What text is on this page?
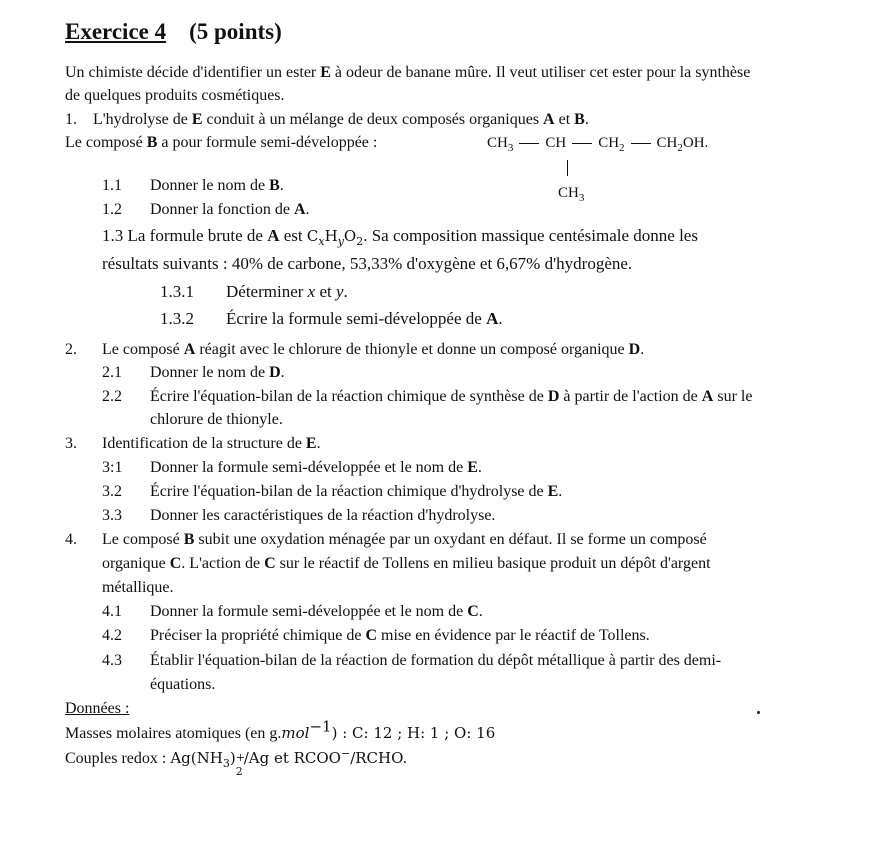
Exercice 4 (5 points)
Un chimiste décide d'identifier un ester E à odeur de banane mûre. Il veut utiliser cet ester pour la synthèse
de quelques produits cosmétiques.
1. L'hydrolyse de E conduit à un mélange de deux composés organiques A et B.
Le composé B a pour formule semi-développée :	$CH_3$ CH $CH_2$ $CH_2OH$.
$CH_3$
1.1 Donner le nom de B.
1.2 Donner la fonction de A.
1.3 La formule brute de A est $C_xH_yO_2$. Sa composition massique centésimale donne les
résultats suivants : 40% de carbone, 53,33% d'oxygène et 6,67% d'hydrogène.
1.3.1 Déterminer x et y.
1.3.2 Écrire la formule semi-développée de A.
2. Le composé A réagit avec le chlorure de thionyle et donne un composé organique D.
2.1 Donner le nom de D.
2.2 Écrire l'équation-bilan de la réaction chimique de synthèse de D à partir de l'action de A sur le
chlorure de thionyle.
3. Identification de la structure de E.
3:1 Donner la formule semi-développée et le nom de E.
3.2 Écrire l'équation-bilan de la réaction chimique d'hydrolyse de E.
3.3 Donner les caractéristiques de la réaction d'hydrolyse.
4. Le composé B subit une oxydation ménagée par un oxydant en défaut. Il se forme un composé
organique C. L'action de C sur le réactif de Tollens en milieu basique produit un dépôt d'argent
métallique.
4.1 Donner la formule semi-développée et le nom de C.
4.2 Préciser la propriété chimique de C mise en évidence par le réactif de Tollens.
4.3 Établir l'équation-bilan de la réaction de formation du dépôt métallique à partir des demi-
équations.
Données :
Masses molaires atomiques (en g.mol$^{-1}$) : C: 12 ; H: 1 ; O: 16
Couples redox : $Ag(NH_3)$ +
2
/Ag et RCOO−/RCHO.
